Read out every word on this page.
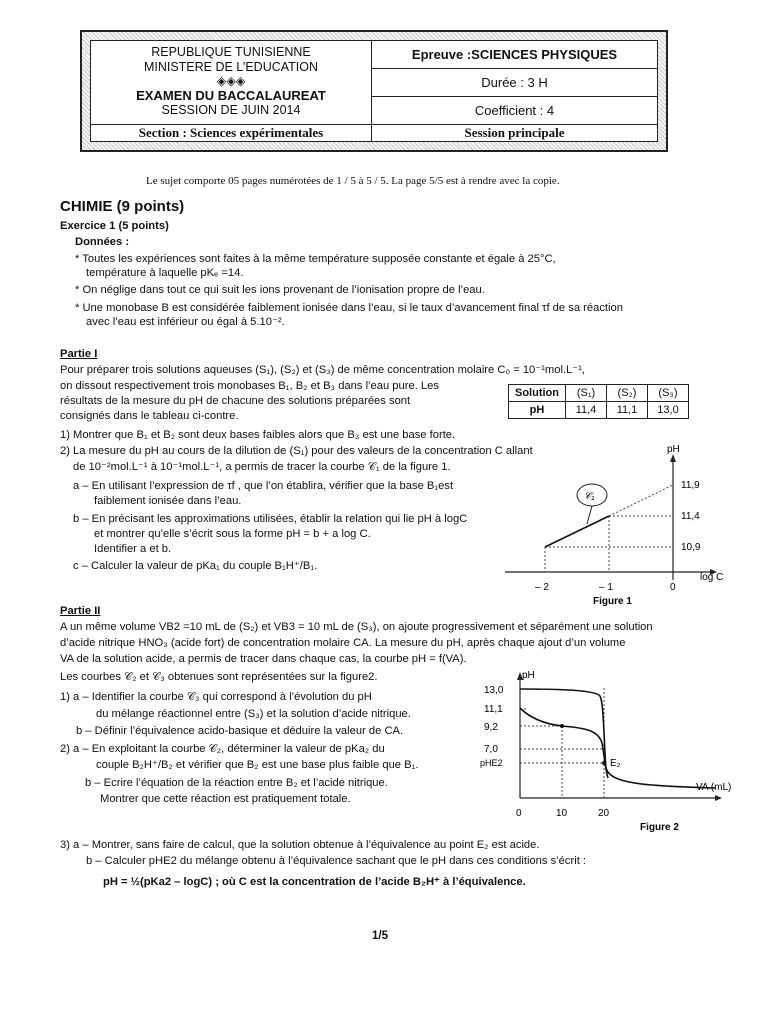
REPUBLIQUE TUNISIENNE
MINISTERE DE L’EDUCATION
◈◈◈
EXAMEN DU BACCALAUREAT
SESSION DE JUIN 2014
Epreuve :SCIENCES PHYSIQUES
Durée : 3 H
Coefficient : 4
Section : Sciences expérimentales	Session principale
Le sujet comporte 05 pages numérotées de 1 / 5 à 5 / 5. La page 5/5 est à rendre avec la copie.
CHIMIE (9 points)
Exercice 1 (5 points)
Données :
* Toutes les expériences sont faites à la même température supposée constante et égale à 25°C,
température à laquelle pKₑ =14.
* On néglige dans tout ce qui suit les ions provenant de l’ionisation propre de l’eau.
* Une monobase B est considérée faiblement ionisée dans l’eau, si le taux d’avancement final τf de sa réaction
avec l’eau est inférieur ou égal à 5.10⁻².
Partie I
Pour préparer trois solutions aqueuses (S₁), (S₂) et (S₃) de même concentration molaire C₀ = 10⁻¹mol.L⁻¹,
on dissout respectivement trois monobases B₁, B₂ et B₃ dans l’eau pure. Les
résultats de la mesure du pH de chacune des solutions préparées sont
consignés dans le tableau ci-contre.
Solution	(S₁)	(S₂)	(S₃)
pH	11,4	11,1	13,0
1) Montrer que B₁ et B₂ sont deux bases faibles alors que B₃ est une base forte.
2) La mesure du pH au cours de la dilution de (S₁) pour des valeurs de la concentration C allant
de 10⁻²mol.L⁻¹ à 10⁻¹mol.L⁻¹, a permis de tracer la courbe 𝒞₁ de la figure 1.
a – En utilisant l’expression de τf , que l’on établira, vérifier que la base B₁est
faiblement ionisée dans l’eau.
b – En précisant les approximations utilisées, établir la relation qui lie pH à logC
et montrer qu’elle s’écrit sous la forme pH = b + a log C.
Identifier a et b.
c – Calculer la valeur de pKa₁ du couple B₁H⁺/B₁.
pH
log C
𝒞₁
11,9
11,4
10,9
– 2	– 1	0
Figure 1
Partie II
A un même volume VB2 =10 mL de (S₂) et VB3 = 10 mL de (S₃), on ajoute progressivement et séparément une solution
d’acide nitrique HNO₃ (acide fort) de concentration molaire CA. La mesure du pH, après chaque ajout d’un volume
VA de la solution acide, a permis de tracer dans chaque cas, la courbe pH = f(VA).
Les courbes 𝒞₂ et 𝒞₃ obtenues sont représentées sur la figure2.
1) a – Identifier la courbe 𝒞₃ qui correspond à l’évolution du pH
du mélange réactionnel entre (S₃) et la solution d’acide nitrique.
b – Définir l’équivalence acido-basique et déduire la valeur de CA.
2) a – En exploitant la courbe 𝒞₂, déterminer la valeur de pKa₂ du
couple B₂H⁺/B₂ et vérifier que B₂ est une base plus faible que B₁.
b – Ecrire l’équation de la réaction entre B₂ et l’acide nitrique.
Montrer que cette réaction est pratiquement totale.
pH
VA (mL)
13,0
11,1
9,2
7,0
pHE2	E₂
0	10	20
Figure 2
3) a – Montrer, sans faire de calcul, que la solution obtenue à l’équivalence au point E₂ est acide.
b – Calculer pHE2 du mélange obtenu à l’équivalence sachant que le pH dans ces conditions s’écrit :
pH = ½(pKa2 – logC) ; où C est la concentration de l’acide B₂H⁺ à l’équivalence.
1/5
